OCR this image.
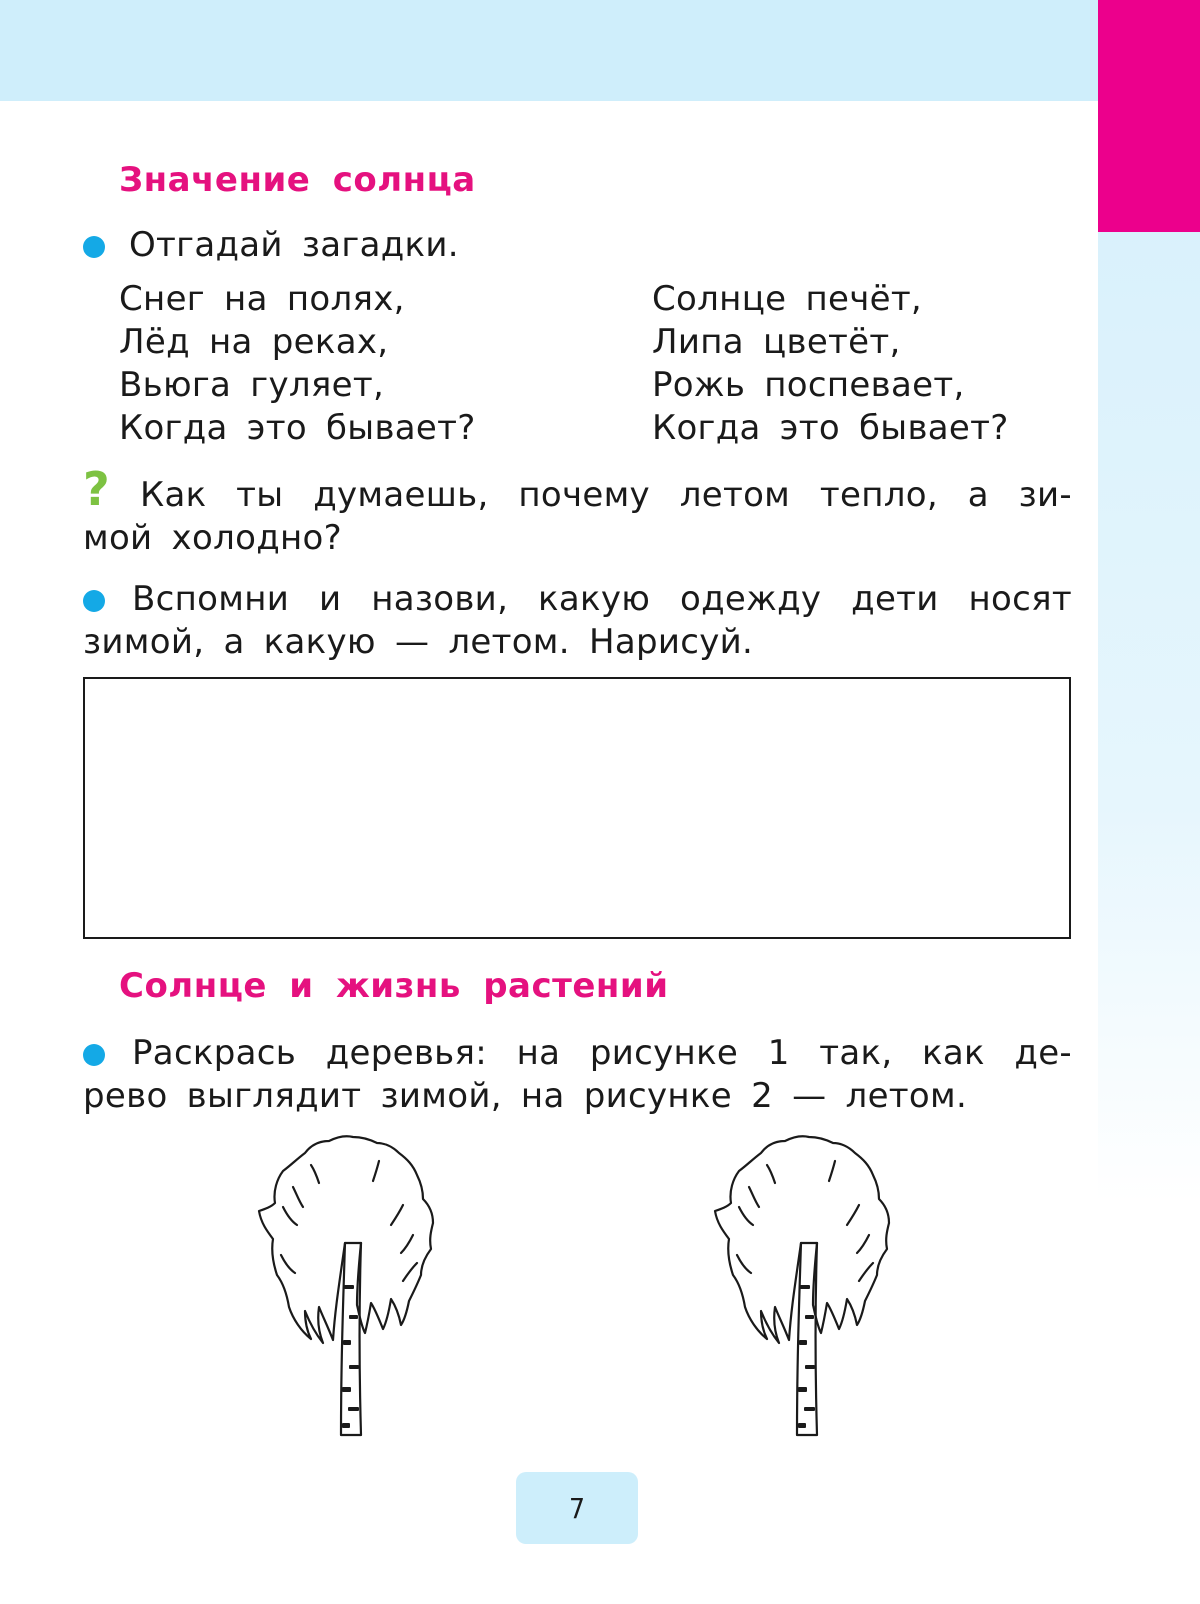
Значение солнца

Отгадай загадки.

Снег на полях,
Лёд на реках,
Вьюга гуляет,
Когда это бывает?
Солнце печёт,
Липа цветёт,
Рожь поспевает,
Когда это бывает?
? Как ты думаешь, почему летом тепло, а зи-

мой холодно?

Вспомни и назови, какую одежду дети носят

зимой, а какую — летом. Нарисуй.

Солнце и жизнь растений

Раскрась деревья: на рисунке 1 так, как де-

рево выглядит зимой, на рисунке 2 — летом.

7
